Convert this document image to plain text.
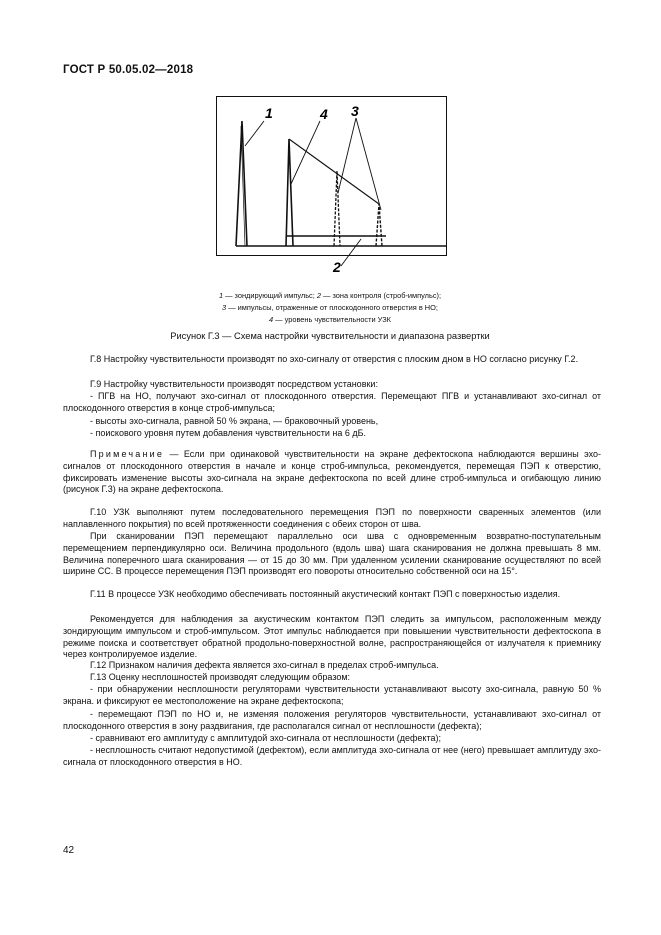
ГОСТ Р 50.05.02—2018
1	4 3
2
1 — зондирующий импульс; 2 — зона контроля (строб-импульс);
3 — импульсы, отраженные от плоскодонного отверстия в НО;
4 — уровень чувствительности УЗК
Рисунок Г.3 — Схема настройки чувствительности и диапазона развертки
Г.8 Настройку чувствительности производят по эхо-сигналу от отверстия с плоским дном в НО согласно рисунку Г.2.
Г.9 Настройку чувствительности производят посредством установки:
- ПГВ на НО, получают эхо-сигнал от плоскодонного отверстия. Перемещают ПГВ и устанавливают эхо-сигнал от плоскодонного отверстия в конце строб-импульса;
- высоты эхо-сигнала, равной 50 % экрана, — браковочный уровень,
- поискового уровня путем добавления чувствительности на 6 дБ.
Примечание — Если при одинаковой чувствительности на экране дефектоскопа наблюдаются вершины эхо-сигналов от плоскодонного отверстия в начале и конце строб-импульса, рекомендуется, перемещая ПЭП к отверстию, фиксировать изменение высоты эхо-сигнала на экране дефектоскопа по всей длине строб-импульса и огибающую линию (рисунок Г.3) на экране дефектоскопа.
Г.10 УЗК выполняют путем последовательного перемещения ПЭП по поверхности сваренных элементов (или наплавленного покрытия) по всей протяженности соединения с обеих сторон от шва.
При сканировании ПЭП перемещают параллельно оси шва с одновременным возвратно-поступательным перемещением перпендикулярно оси. Величина продольного (вдоль шва) шага сканирования не должна превышать 8 мм. Величина поперечного шага сканирования — от 15 до 30 мм. При удаленном усилении сканирование осуществляют по всей ширине СС. В процессе перемещения ПЭП производят его повороты относительно собственной оси на 15°.
Г.11 В процессе УЗК необходимо обеспечивать постоянный акустический контакт ПЭП с поверхностью изделия.
Рекомендуется для наблюдения за акустическим контактом ПЭП следить за импульсом, расположенным между зондирующим импульсом и строб-импульсом. Этот импульс наблюдается при повышении чувствительности дефектоскопа в режиме поиска и соответствует обратной продольно-поверхностной волне, распространяющейся от излучателя к приемнику через контролируемое изделие.
Г.12 Признаком наличия дефекта является эхо-сигнал в пределах строб-импульса.
Г.13 Оценку несплошностей производят следующим образом:
- при обнаружении несплошности регуляторами чувствительности устанавливают высоту эхо-сигнала, равную 50 % экрана. и фиксируют ее местоположение на экране дефектоскопа;
- перемещают ПЭП по НО и, не изменяя положения регуляторов чувствительности, устанавливают эхо-сигнал от плоскодонного отверстия в зону раздвигания, где располагался сигнал от несплошности (дефекта);
- сравнивают его амплитуду с амплитудой эхо-сигнала от несплошности (дефекта);
- несплошность считают недопустимой (дефектом), если амплитуда эхо-сигнала от нее (него) превышает амплитуду эхо-сигнала от плоскодонного отверстия в НО.
42
